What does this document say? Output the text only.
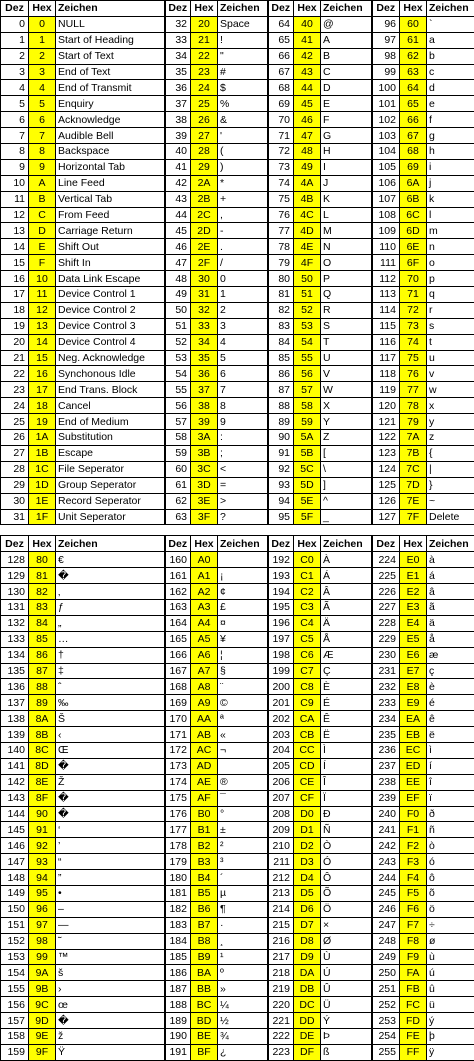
Dez	Hex	Zeichen	Dez	Hex	Zeichen	Dez	Hex	Zeichen	Dez	Hex	Zeichen
0	0	NULL	32	20	Space	64	40	@	96	60	`
1	1	Start of Heading	33	21	!	65	41	A	97	61	a
2	2	Start of Text	34	22	"	66	42	B	98	62	b
3	3	End of Text	35	23	#	67	43	C	99	63	c
4	4	End of Transmit	36	24	$	68	44	D	100	64	d
5	5	Enquiry	37	25	%	69	45	E	101	65	e
6	6	Acknowledge	38	26	&	70	46	F	102	66	f
7	7	Audible Bell	39	27	'	71	47	G	103	67	g
8	8	Backspace	40	28	(	72	48	H	104	68	h
9	9	Horizontal Tab	41	29	)	73	49	I	105	69	i
10	A	Line Feed	42	2A	*	74	4A	J	106	6A	j
11	B	Vertical Tab	43	2B	+	75	4B	K	107	6B	k
12	C	From Feed	44	2C	,	76	4C	L	108	6C	l
13	D	Carriage Return	45	2D	-	77	4D	M	109	6D	m
14	E	Shift Out	46	2E	.	78	4E	N	110	6E	n
15	F	Shift In	47	2F	/	79	4F	O	111	6F	o
16	10	Data Link Escape	48	30	0	80	50	P	112	70	p
17	11	Device Control 1	49	31	1	81	51	Q	113	71	q
18	12	Device Control 2	50	32	2	82	52	R	114	72	r
19	13	Device Control 3	51	33	3	83	53	S	115	73	s
20	14	Device Control 4	52	34	4	84	54	T	116	74	t
21	15	Neg. Acknowledge	53	35	5	85	55	U	117	75	u
22	16	Synchonous Idle	54	36	6	86	56	V	118	76	v
23	17	End Trans. Block	55	37	7	87	57	W	119	77	w
24	18	Cancel	56	38	8	88	58	X	120	78	x
25	19	End of Medium	57	39	9	89	59	Y	121	79	y
26	1A	Substitution	58	3A	:	90	5A	Z	122	7A	z
27	1B	Escape	59	3B	;	91	5B	[	123	7B	{
28	1C	File Seperator	60	3C	<	92	5C	\	124	7C	|
29	1D	Group Seperator	61	3D	=	93	5D	]	125	7D	}
30	1E	Record Seperator	62	3E	>	94	5E	^	126	7E	~
31	1F	Unit Seperator	63	3F	?	95	5F	_	127	7F	Delete
Dez	Hex	Zeichen	Dez	Hex	Zeichen	Dez	Hex	Zeichen	Dez	Hex	Zeichen
128	80	€	160	A0		192	C0	À	224	E0	à
129	81	�	161	A1	¡	193	C1	Á	225	E1	á
130	82	‚	162	A2	¢	194	C2	Â	226	E2	â
131	83	ƒ	163	A3	£	195	C3	Ã	227	E3	ã
132	84	„	164	A4	¤	196	C4	Ä	228	E4	ä
133	85	…	165	A5	¥	197	C5	Å	229	E5	å
134	86	†	166	A6	¦	198	C6	Æ	230	E6	æ
135	87	‡	167	A7	§	199	C7	Ç	231	E7	ç
136	88	ˆ	168	A8	¨	200	C8	È	232	E8	è
137	89	‰	169	A9	©	201	C9	É	233	E9	é
138	8A	Š	170	AA	ª	202	CA	Ê	234	EA	ê
139	8B	‹	171	AB	«	203	CB	Ë	235	EB	ë
140	8C	Œ	172	AC	¬	204	CC	Ì	236	EC	ì
141	8D	�	173	AD		205	CD	Í	237	ED	í
142	8E	Ž	174	AE	®	206	CE	Î	238	EE	î
143	8F	�	175	AF	¯	207	CF	Ï	239	EF	ï
144	90	�	176	B0	°	208	D0	Ð	240	F0	ð
145	91	‘	177	B1	±	209	D1	Ñ	241	F1	ñ
146	92	’	178	B2	²	210	D2	Ò	242	F2	ò
147	93	“	179	B3	³	211	D3	Ó	243	F3	ó
148	94	”	180	B4	´	212	D4	Ô	244	F4	ô
149	95	•	181	B5	µ	213	D5	Õ	245	F5	õ
150	96	–	182	B6	¶	214	D6	Ö	246	F6	ö
151	97	—	183	B7	·	215	D7	×	247	F7	÷
152	98	˜	184	B8	¸	216	D8	Ø	248	F8	ø
153	99	™	185	B9	¹	217	D9	Ù	249	F9	ù
154	9A	š	186	BA	º	218	DA	Ú	250	FA	ú
155	9B	›	187	BB	»	219	DB	Û	251	FB	û
156	9C	œ	188	BC	¼	220	DC	Ü	252	FC	ü
157	9D	�	189	BD	½	221	DD	Ý	253	FD	ý
158	9E	ž	190	BE	¾	222	DE	Þ	254	FE	þ
159	9F	Ÿ	191	BF	¿	223	DF	ß	255	FF	ÿ
